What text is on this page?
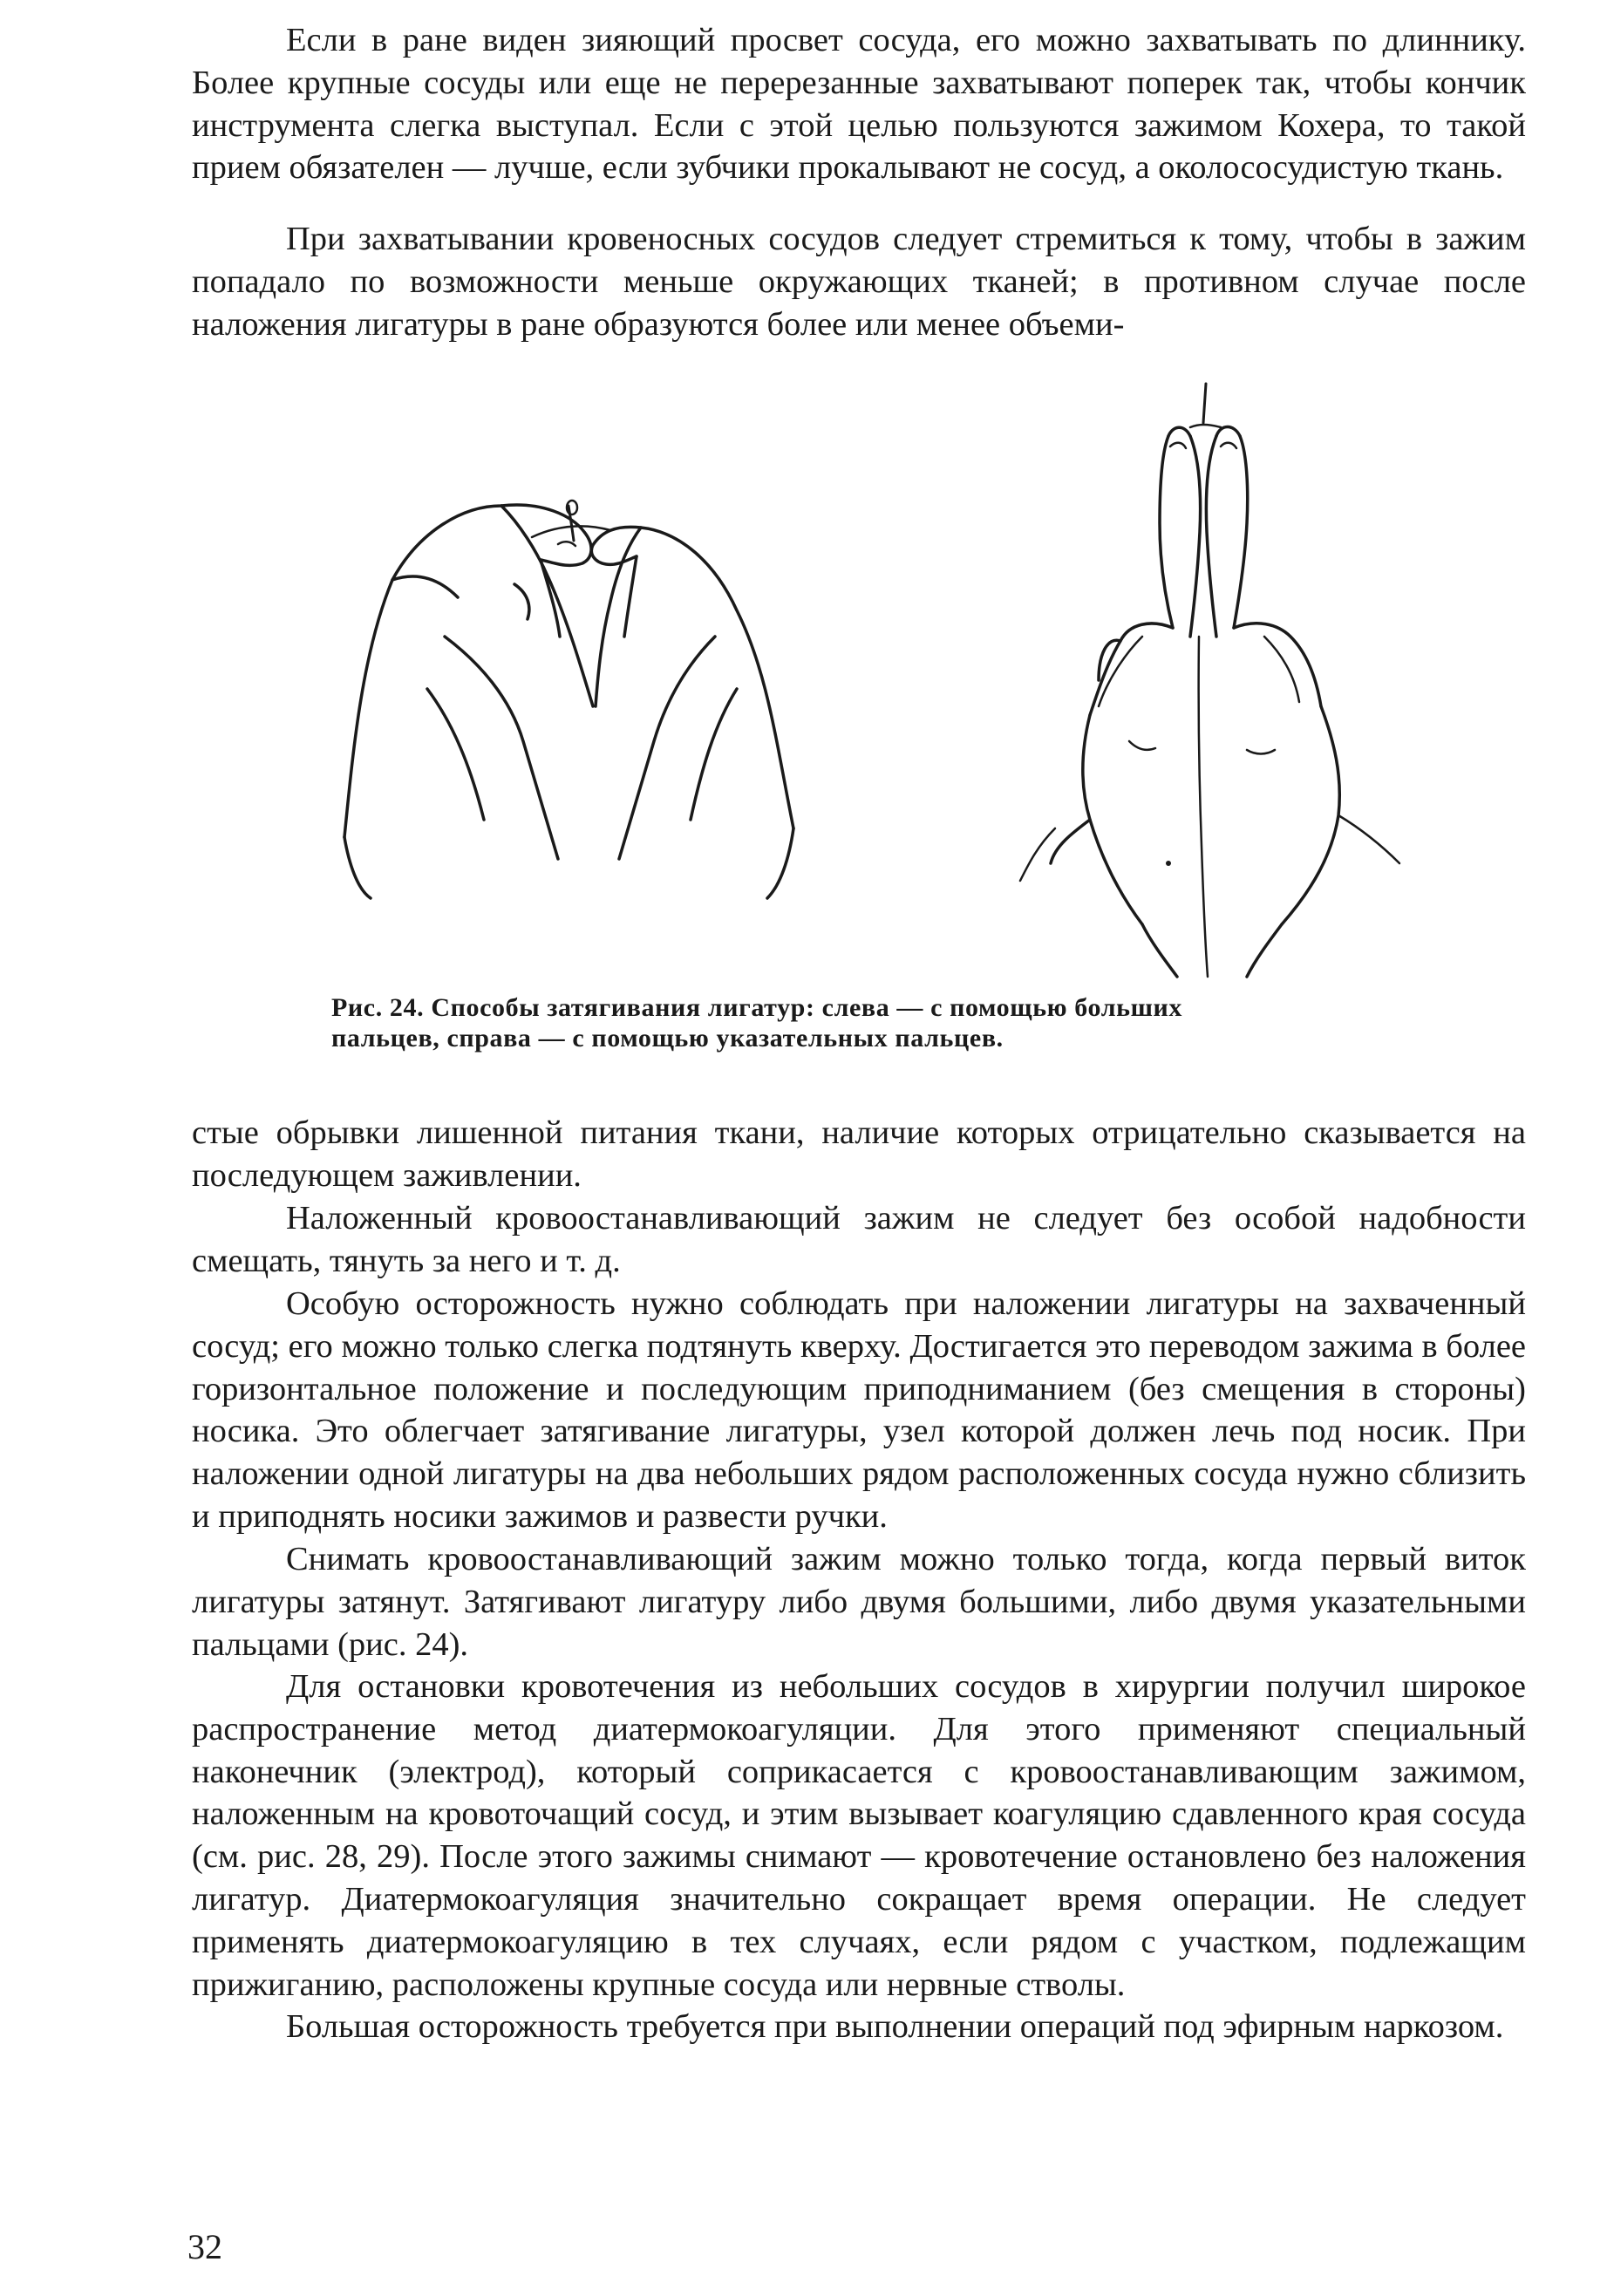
Если в ране виден зияющий просвет сосуда, его можно захватывать по длиннику. Более крупные сосуды или еще не перерезанные захватывают поперек так, чтобы кончик инструмента слегка выступал. Если с этой целью пользуются зажимом Кохера, то такой прием обязателен — лучше, если зубчики прокалывают не сосуд, а околососудистую ткань.

При захватывании кровеносных сосудов следует стремиться к тому, чтобы в зажим попадало по возможности меньше окружающих тканей; в противном случае после наложения лигатуры в ране образуются более или менее объеми-

Рис. 24. Способы затягивания лигатур: слева — с помощью больших
пальцев, справа — с помощью указательных пальцев.

стые обрывки лишенной питания ткани, наличие которых отрицательно сказывается на последующем заживлении.

Наложенный кровоостанавливающий зажим не следует без особой надобности смещать, тянуть за него и т. д.

Особую осторожность нужно соблюдать при наложении лигатуры на захваченный сосуд; его можно только слегка подтянуть кверху. Достигается это переводом зажима в более горизонтальное положение и последующим приподниманием (без смещения в стороны) носика. Это облегчает затягивание лигатуры, узел которой должен лечь под носик. При наложении одной лигатуры на два небольших рядом расположенных сосуда нужно сблизить и приподнять носики зажимов и развести ручки.

Снимать кровоостанавливающий зажим можно только тогда, когда первый виток лигатуры затянут. Затягивают лигатуру либо двумя большими, либо двумя указательными пальцами (рис. 24).

Для остановки кровотечения из небольших сосудов в хирургии получил широкое распространение метод диатермокоагуляции. Для этого применяют специальный наконечник (электрод), который соприкасается с кровоостанавливающим зажимом, наложенным на кровоточащий сосуд, и этим вызывает коагуляцию сдавленного края сосуда (см. рис. 28, 29). После этого зажимы снимают — кровотечение остановлено без наложения лигатур. Диатермокоагуляция значительно сокращает время операции. Не следует применять диатермокоагуляцию в тех случаях, если рядом с участком, подлежащим прижиганию, расположены крупные сосуда или нервные стволы.

Большая осторожность требуется при выполнении операций под эфирным наркозом.

32
